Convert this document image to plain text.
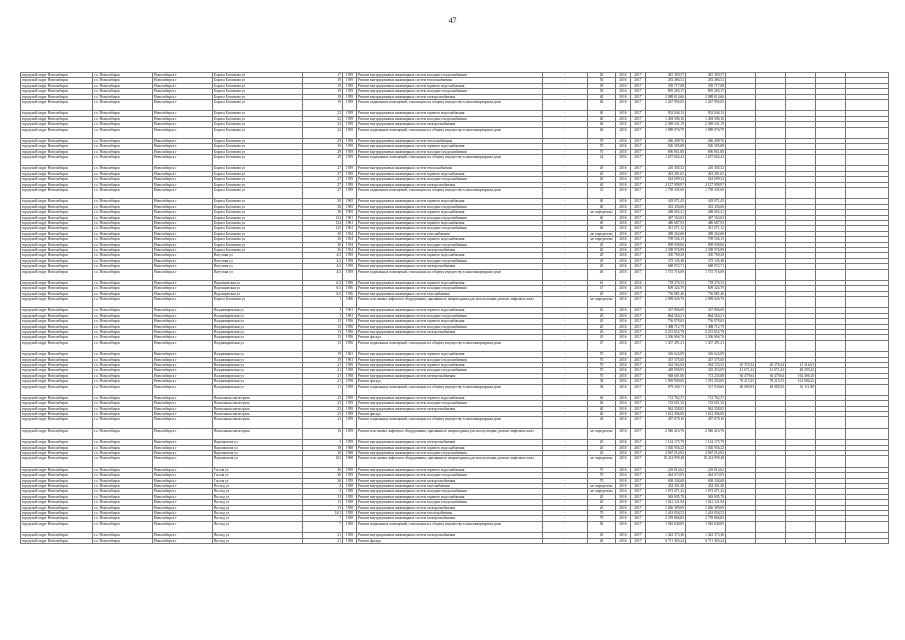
47
городской округ Новосибирск	г.о. Новосибирск	Новосибирск г	Бориса Богаткова ул	17	1959	Ремонт внутридомовых инженерных систем холодного водоснабжения	-	40	2016	2017	481 369,57	481 369,57					
городской округ Новосибирск	г.о. Новосибирск	Новосибирск г	Бориса Богаткова ул	19	1959	Ремонт внутридомовых инженерных систем теплоснабжения	-	50	2016	2017	292 486,52	292 486,52					
городской округ Новосибирск	г.о. Новосибирск	Новосибирск г	Бориса Богаткова ул	19	1959	Ремонт внутридомовых инженерных систем горячего водоснабжения	-	50	2016	2017	356 717,08	356 717,08					
городской округ Новосибирск	г.о. Новосибирск	Новосибирск г	Бориса Богаткова ул	19	1959	Ремонт внутридомовых инженерных систем холодного водоснабжения	-	50	2016	2017	805 205,17	805 205,17					
городской округ Новосибирск	г.о. Новосибирск	Новосибирск г	Бориса Богаткова ул	19	1959	Ремонт внутридомовых инженерных систем электроснабжения	-	40	2016	2017	2 088 614,66	2 088 614,66					
городской округ Новосибирск	г.о. Новосибирск	Новосибирск г	Бориса Богаткова ул	19	1959	Ремонт подвальных помещений, относящихся к общему имуществу в многоквартирном доме	-	84	2016	2017	1 427 992,05	1 427 992,05					
городской округ Новосибирск	г.о. Новосибирск	Новосибирск г	Бориса Богаткова ул	22	1959	Ремонт внутридомовых инженерных систем горячего водоснабжения	-	40	2016	2017	932 046,12	932 046,12					
городской округ Новосибирск	г.о. Новосибирск	Новосибирск г	Бориса Богаткова ул	22	1959	Ремонт внутридомовых инженерных систем холодного водоснабжения	-	40	2016	2017	1 494 586,16	1 494 586,16					
городской округ Новосибирск	г.о. Новосибирск	Новосибирск г	Бориса Богаткова ул	22	1959	Ремонт внутридомовых инженерных систем электроснабжения	-	40	2016	2017	2 369 541,19	2 369 541,19					
городской округ Новосибирск	г.о. Новосибирск	Новосибирск г	Бориса Богаткова ул	22	1959	Ремонт подвальных помещений, относящихся к общему имуществу в многоквартирном доме	-	40	2016	2017	1 989 976,79	1 989 976,79					
городской округ Новосибирск	г.о. Новосибирск	Новосибирск г	Бориса Богаткова ул	29	1959	Ремонт внутридомовых инженерных систем теплоснабжения	-	70	2016	2017	266 408,76	266 408,76					
городской округ Новосибирск	г.о. Новосибирск	Новосибирск г	Бориса Богаткова ул	29	1959	Ремонт внутридомовых инженерных систем горячего водоснабжения	-	70	2016	2017	506 305,08	506 305,08					
городской округ Новосибирск	г.о. Новосибирск	Новосибирск г	Бориса Богаткова ул	29	1959	Ремонт внутридомовых инженерных систем холодного водоснабжения	-	70	2016	2017	696 861,80	696 861,80					
городской округ Новосибирск	г.о. Новосибирск	Новосибирск г	Бориса Богаткова ул	29	1959	Ремонт подвальных помещений, относящихся к общему имуществу в многоквартирном доме	-	24	2016	2017	1 657 602,42	1 657 602,42					
городской округ Новосибирск	г.о. Новосибирск	Новосибирск г	Бориса Богаткова ул	27	1959	Ремонт внутридомовых инженерных систем теплоснабжения	-	20	2016	2017	216 305,52	216 305,52					
городской округ Новосибирск	г.о. Новосибирск	Новосибирск г	Бориса Богаткова ул	27	1959	Ремонт внутридомовых инженерных систем горячего водоснабжения	-	20	2016	2017	401 281,65	401 281,65					
городской округ Новосибирск	г.о. Новосибирск	Новосибирск г	Бориса Богаткова ул	27	1959	Ремонт внутридомовых инженерных систем холодного водоснабжения	-	20	2016	2017	544 699,32	544 699,32					
городской округ Новосибирск	г.о. Новосибирск	Новосибирск г	Бориса Богаткова ул	27	1959	Ремонт внутридомовых инженерных систем электроснабжения	-	40	2016	2017	2 127 998,97	2 127 998,97					
городской округ Новосибирск	г.о. Новосибирск	Новосибирск г	Бориса Богаткова ул	27	1959	Ремонт подвальных помещений, относящихся к общему имуществу в многоквартирном доме	-	41	2016	2017	1 758 202,60	1 758 202,60					
городской округ Новосибирск	г.о. Новосибирск	Новосибирск г	Бориса Богаткова ул	30	1965	Ремонт внутридомовых инженерных систем горячего водоснабжения	-	40	2016	2017	418 071,45	418 071,45					
городской округ Новосибирск	г.о. Новосибирск	Новосибирск г	Бориса Богаткова ул	36	1965	Ремонт внутридомовых инженерных систем холодного водоснабжения	-	40	2016	2017	432 436,66	432 436,66					
городской округ Новосибирск	г.о. Новосибирск	Новосибирск г	Бориса Богаткова ул	36	1965	Ремонт внутридомовых инженерных систем горячего водоснабжения	-	не определено	2016	2017	408 065,21	408 065,21					
городской округ Новосибирск	г.о. Новосибирск	Новосибирск г	Бориса Богаткова ул	124	1961	Ремонт внутридомовых инженерных систем холодного водоснабжения	-	40	2016	2017	467 163,63	467 163,63					
городской округ Новосибирск	г.о. Новосибирск	Новосибирск г	Бориса Богаткова ул	124	1961	Ремонт внутридомовых инженерных систем горячего водоснабжения	-	40	2016	2017	486 687,93	486 687,93					
городской округ Новосибирск	г.о. Новосибирск	Новосибирск г	Бориса Богаткова ул	125	1961	Ремонт внутридомовых инженерных систем холодного водоснабжения	-	40	2016	2017	451 071,12	451 071,12					
городской округ Новосибирск	г.о. Новосибирск	Новосибирск г	Бориса Богаткова ул	36	1954	Ремонт внутридомовых инженерных систем газоснабжения	-	не определено	2016	2017	388 262,66	388 262,66					
городской округ Новосибирск	г.о. Новосибирск	Новосибирск г	Бориса Богаткова ул	36	1954	Ремонт внутридомовых инженерных систем горячего водоснабжения	-	не определено	2016	2017	709 536,15	709 536,15					
городской округ Новосибирск	г.о. Новосибирск	Новосибирск г	Бориса Богаткова ул	36	1954	Ремонт внутридомовых инженерных систем холодного водоснабжения	-	20	2016	2017	808 008,06	808 008,06					
городской округ Новосибирск	г.о. Новосибирск	Новосибирск г	Бориса Богаткова ул	36	1954	Ремонт внутридомовых инженерных систем электроснабжения	-	20	2016	2017	2 508 976,99	2 508 976,99					
городской округ Новосибирск	г.о. Новосибирск	Новосибирск г	Ватутина ул	4/2	1959	Ремонт внутридомовых инженерных систем горячего водоснабжения	-	20	2016	2017	350 769,29	350 769,29					
городской округ Новосибирск	г.о. Новосибирск	Новосибирск г	Ватутина ул	4/2	1959	Ремонт внутридомовых инженерных систем холодного водоснабжения	-	20	2016	2017	375 145,48	375 145,48					
городской округ Новосибирск	г.о. Новосибирск	Новосибирск г	Ватутина ул	4/2	1959	Ремонт внутридомовых инженерных систем электроснабжения	-	20	2016	2017	668 972,71	668 972,71					
городской округ Новосибирск	г.о. Новосибирск	Новосибирск г	Ватутина ул	4/2	1959	Ремонт подвальных помещений, относящихся к общему имуществу в многоквартирном доме	-	46	2016	2017	1 715 716,69	1 715 716,69					
городской округ Новосибирск	г.о. Новосибирск	Новосибирск г	Воронцовская ул	6/2	1956	Ремонт внутридомовых инженерных систем горячего водоснабжения	-	61	2016	2016	718 276,32	718 276,32					
городской округ Новосибирск	г.о. Новосибирск	Новосибирск г	Воронцовская ул	6/2	1956	Ремонт внутридомовых инженерных систем холодного водоснабжения	-	47	2016	2016	609 324,79	609 324,79					
городской округ Новосибирск	г.о. Новосибирск	Новосибирск г	Воронцовская ул	6/2	1956	Ремонт внутридомовых инженерных систем газоснабжения	-	20	2016	2017	756 981,46	756 981,46					
городской округ Новосибирск	г.о. Новосибирск	Новосибирск г	Бориса Богаткова ул	1	1966	Ремонт или замена лифтового оборудования, признанного непригодным для эксплуатации, ремонт лифтовых шахт	-	не определено	2016	2017	2 909 626,76	2 909 626,76					
городской округ Новосибирск	г.о. Новосибирск	Новосибирск г	Владимировская ул	1	1961	Ремонт внутридомовых инженерных систем горячего водоснабжения	-	20	2016	2017	437 806,00	437 806,00					
городской округ Новосибирск	г.о. Новосибирск	Новосибирск г	Владимировская ул	1	1961	Ремонт внутридомовых инженерных систем холодного водоснабжения	-	20	2016	2017	864 564,21	864 564,21					
городской округ Новосибирск	г.о. Новосибирск	Новосибирск г	Владимировская ул	13	1956	Ремонт внутридомовых инженерных систем горячего водоснабжения	-	20	2016	2017	756 978,63	756 978,63					
городской округ Новосибирск	г.о. Новосибирск	Новосибирск г	Владимировская ул	13	1956	Ремонт внутридомовых инженерных систем холодного водоснабжения	-	20	2016	2017	1 498 712,79	1 498 712,79					
городской округ Новосибирск	г.о. Новосибирск	Новосибирск г	Владимировская ул	13	1956	Ремонт внутридомовых инженерных систем электроснабжения	-	20	2016	2017	2 251 652,78	2 251 652,78					
городской округ Новосибирск	г.о. Новосибирск	Новосибирск г	Владимировская ул	13	1956	Ремонт фасада	-	45	2016	2017	1 206 866,76	1 206 866,76					
городской округ Новосибирск	г.о. Новосибирск	Новосибирск г	Владимировская ул	13	1956	Ремонт подвальных помещений, относящихся к общему имуществу в многоквартирном доме	-	47	2016	2017	1 457 491,21	1 457 491,21					
городской округ Новосибирск	г.о. Новосибирск	Новосибирск г	Владимировская ул	19	1961	Ремонт внутридомовых инженерных систем горячего водоснабжения	-	70	2016	2017	526 622,09	526 622,09					
городской округ Новосибирск	г.о. Новосибирск	Новосибирск г	Владимировская ул	19	1961	Ремонт внутридомовых инженерных систем холодного водоснабжения	-	70	2016	2017	457 375,60	457 375,60					
городской округ Новосибирск	г.о. Новосибирск	Новосибирск г	Владимировская ул	21	1958	Ремонт внутридомовых инженерных систем горячего водоснабжения	-	70	2016	2017	342 562,04	264 723,35	20 376,34	20 376,34	41 316,63		
городской округ Новосибирск	г.о. Новосибирск	Новосибирск г	Владимировская ул	21	1958	Ремонт внутридомовых инженерных систем холодного водоснабжения	-	70	2016	2017	449 090,95	325 453,09	41 671,22	41 671,22	40 295,42		
городской округ Новосибирск	г.о. Новосибирск	Новосибирск г	Владимировская ул	21	1958	Ремонт внутридомовых инженерных систем электроснабжения	-	70	2016	2017	948 601,06	713 235,68	36 479,64	36 479,64	162 406,10		
городской округ Новосибирск	г.о. Новосибирск	Новосибирск г	Владимировская ул	21	1958	Ремонт фасада	-	38	2016	2017	1 969 900,00	1 591 254,00	78 215,35	78 215,35	161 086,22		
городской округ Новосибирск	г.о. Новосибирск	Новосибирск г	Владимировская ул	21	1958	Ремонт подвальных помещений, относящихся к общему имуществу в многоквартирном доме	-	38	2016	2017	679 200,71	517 030,60	48 085,83	48 085,83	61 111,88		
городской округ Новосибирск	г.о. Новосибирск	Новосибирск г	Вокзальная магистраль	23	1959	Ремонт внутридомовых инженерных систем горячего водоснабжения	-	40	2016	2017	712 762,37	712 762,37					
городской округ Новосибирск	г.о. Новосибирск	Новосибирск г	Вокзальная магистраль	23	1959	Ремонт внутридомовых инженерных систем холодного водоснабжения	-	40	2016	2017	723 651,32	723 651,32					
городской округ Новосибирск	г.о. Новосибирск	Новосибирск г	Вокзальная магистраль	23	1959	Ремонт внутридомовых инженерных систем электроснабжения	-	40	2016	2017	962 358,05	962 358,05					
городской округ Новосибирск	г.о. Новосибирск	Новосибирск г	Вокзальная магистраль	23	1959	Ремонт фасада	-	40	2016	2017	1 612 586,08	1 612 586,08					
городской округ Новосибирск	г.о. Новосибирск	Новосибирск г	Вокзальная магистраль	23	1959	Ремонт подвальных помещений, относящихся к общему имуществу в многоквартирном доме	-	44	2016	2017	497 678,16	497 678,16					
городской округ Новосибирск	г.о. Новосибирск	Новосибирск г	Вокзальная магистраль	16	1959	Ремонт или замена лифтового оборудования, признанного непригодным для эксплуатации, ремонт лифтовых шахт	-	не определено	2016	2017	2 940 416,76	2 940 416,76					
городской округ Новосибирск	г.о. Новосибирск	Новосибирск г	Ворошилова ул	3	1959	Ремонт внутридомовых инженерных систем электроснабжения	-	20	2016	2017	1 124 175,79	1 124 175,79					
городской округ Новосибирск	г.о. Новосибирск	Новосибирск г	Ворошилова ул	18	1968	Ремонт внутридомовых инженерных систем горячего водоснабжения	-	20	2016	2017	1 020 956,22	1 020 956,22					
городской округ Новосибирск	г.о. Новосибирск	Новосибирск г	Ворошилова ул	18	1968	Ремонт внутридомовых инженерных систем холодного водоснабжения	-	20	2016	2017	2 067 214,83	2 067 214,83					
городской округ Новосибирск	г.о. Новосибирск	Новосибирск г	Ворошилова ул	102	1968	Ремонт или замена лифтового оборудования, признанного непригодным для эксплуатации, ремонт лифтовых шахт	-	не определено	2016	2017	10 412 959,48	10 412 959,48					
городской округ Новосибирск	г.о. Новосибирск	Новосибирск г	Гоголя ул	36	1959	Ремонт внутридомовых инженерных систем горячего водоснабжения	-	70	2016	2017	229 814,62	229 814,62					
городской округ Новосибирск	г.о. Новосибирск	Новосибирск г	Гоголя ул	36	1959	Ремонт внутридомовых инженерных систем холодного водоснабжения	-	70	2016	2017	464 073,05	464 073,05					
городской округ Новосибирск	г.о. Новосибирск	Новосибирск г	Гоголя ул	36	1959	Ремонт внутридомовых инженерных систем электроснабжения	-	70	2016	2017	638 104,68	638 104,68					
городской округ Новосибирск	г.о. Новосибирск	Новосибирск г	Восход ул	4	1958	Ремонт внутридомовых инженерных систем газоснабжения	-	не определено	2016	2017	452 391,20	452 391,20					
городской округ Новосибирск	г.о. Новосибирск	Новосибирск г	Восход ул	4	1958	Ремонт внутридомовых инженерных систем холодного водоснабжения	-	не определено	2016	2017	1 073 471,22	1 073 471,22					
городской округ Новосибирск	г.о. Новосибирск	Новосибирск г	Восход ул	13	1958	Ремонт внутридомовых инженерных систем горячего водоснабжения	-	20	2016	2017	363 695,70	363 695,70					
городской округ Новосибирск	г.о. Новосибирск	Новосибирск г	Восход ул	13	1958	Ремонт внутридомовых инженерных систем холодного водоснабжения	-	20	2016	2017	1 021 121,94	1 021 121,94					
городской округ Новосибирск	г.о. Новосибирск	Новосибирск г	Восход ул	13	1958	Ремонт внутридомовых инженерных систем электроснабжения	-	20	2016	2017	1 036 389,00	1 036 389,00					
городской округ Новосибирск	г.о. Новосибирск	Новосибирск г	Восход ул	14/1	1958	Ремонт внутридомовых инженерных систем теплоснабжения	-	70	2016	2017	1 261 954,53	1 261 954,53					
городской округ Новосибирск	г.о. Новосибирск	Новосибирск г	Восход ул	7	1958	Ремонт внутридомовых инженерных систем электроснабжения	-	70	2016	2017	2 359 866,82	2 759 866,82					
городской округ Новосибирск	г.о. Новосибирск	Новосибирск г	Восход ул	7	1958	Ремонт подвальных помещений, относящихся к общему имуществу в многоквартирном доме	-	82	2016	2017	1 945 640,85	1 945 640,85					
городской округ Новосибирск	г.о. Новосибирск	Новосибирск г	Восход ул	21	1958	Ремонт внутридомовых инженерных систем электроснабжения	-	20	2016	2017	1 422 373,36	1 422 373,36					
городской округ Новосибирск	г.о. Новосибирск	Новосибирск г	Восход ул	21	1958	Ремонт фасада	-	40	2016	2017	6 711 465,24	6 711 465,24					
